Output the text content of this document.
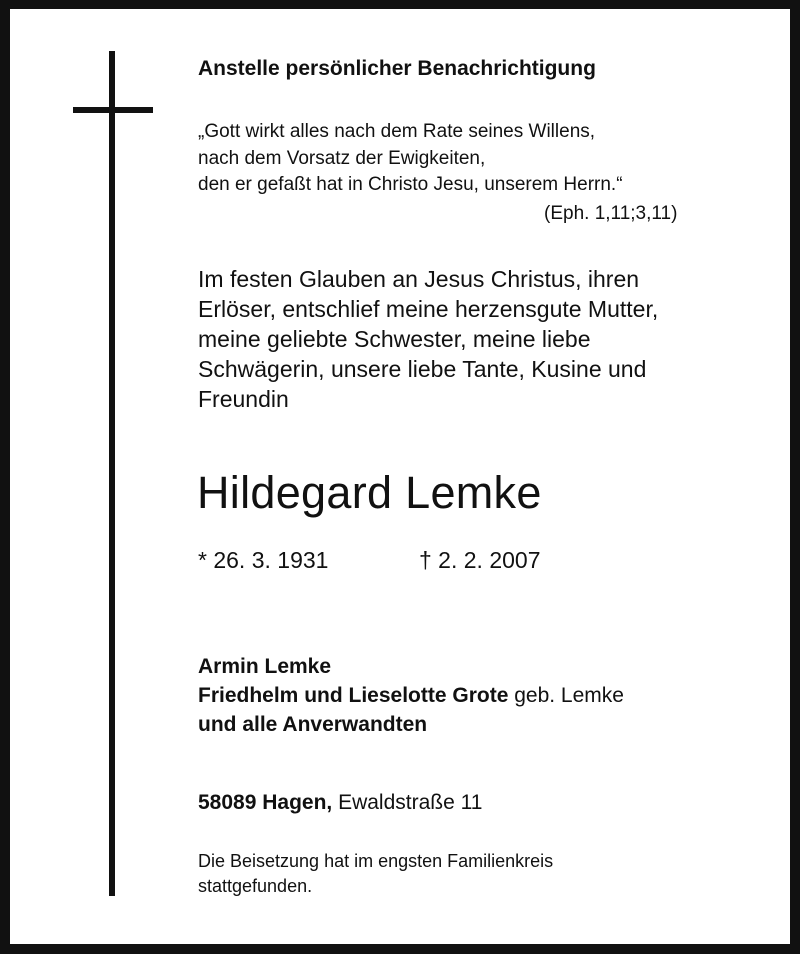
Anstelle persönlicher Benachrichtigung
„Gott wirkt alles nach dem Rate seines Willens,
nach dem Vorsatz der Ewigkeiten,
den er gefaßt hat in Christo Jesu, unserem Herrn.“
(Eph. 1,11;3,11)
Im festen Glauben an Jesus Christus, ihren
Erlöser, entschlief meine herzensgute Mutter,
meine geliebte Schwester, meine liebe
Schwägerin, unsere liebe Tante, Kusine und
Freundin
Hildegard Lemke
* 26. 3. 1931	† 2. 2. 2007
Armin Lemke
Friedhelm und Lieselotte Grote geb. Lemke
und alle Anverwandten
58089 Hagen, Ewaldstraße 11
Die Beisetzung hat im engsten Familienkreis
stattgefunden.
